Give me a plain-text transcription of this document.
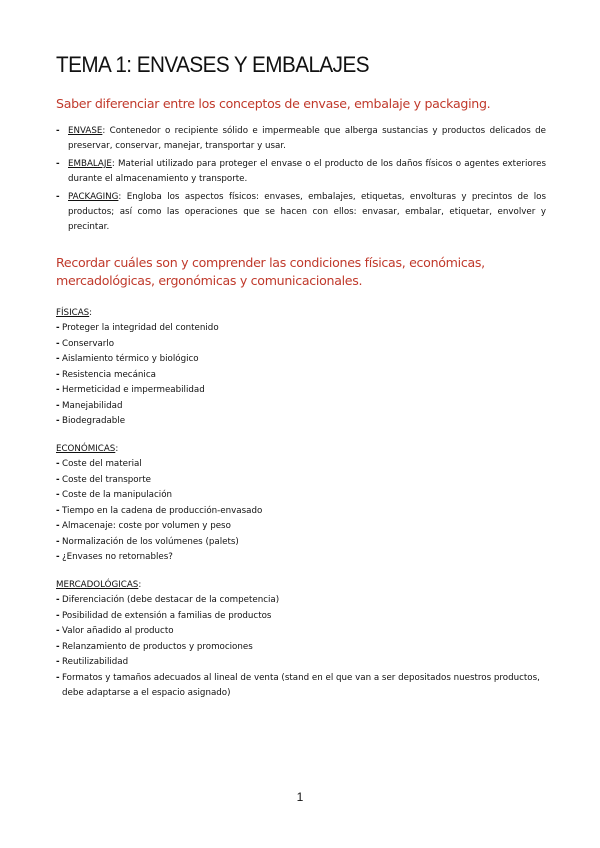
TEMA 1: ENVASES Y EMBALAJES
Saber diferenciar entre los conceptos de envase, embalaje y packaging.
- ENVASE: Contenedor o recipiente sólido e impermeable que alberga sustancias y productos delicados de preservar, conservar, manejar, transportar y usar.
- EMBALAJE: Material utilizado para proteger el envase o el producto de los daños físicos o agentes exteriores durante el almacenamiento y transporte.
- PACKAGING: Engloba los aspectos físicos: envases, embalajes, etiquetas, envolturas y precintos de los productos; así como las operaciones que se hacen con ellos: envasar, embalar, etiquetar, envolver y precintar.
Recordar cuáles son y comprender las condiciones físicas, económicas, mercadológicas, ergonómicas y comunicacionales.
FÍSICAS:
- Proteger la integridad del contenido
- Conservarlo
- Aislamiento térmico y biológico
- Resistencia mecánica
- Hermeticidad e impermeabilidad
- Manejabilidad
- Biodegradable
ECONÓMICAS:
- Coste del material
- Coste del transporte
- Coste de la manipulación
- Tiempo en la cadena de producción-envasado
- Almacenaje: coste por volumen y peso
- Normalización de los volúmenes (palets)
- ¿Envases no retornables?
MERCADOLÓGICAS:
- Diferenciación (debe destacar de la competencia)
- Posibilidad de extensión a familias de productos
- Valor añadido al producto
- Relanzamiento de productos y promociones
- Reutilizabilidad
- Formatos y tamaños adecuados al lineal de venta (stand en el que van a ser depositados nuestros productos, debe adaptarse a el espacio asignado)
1
